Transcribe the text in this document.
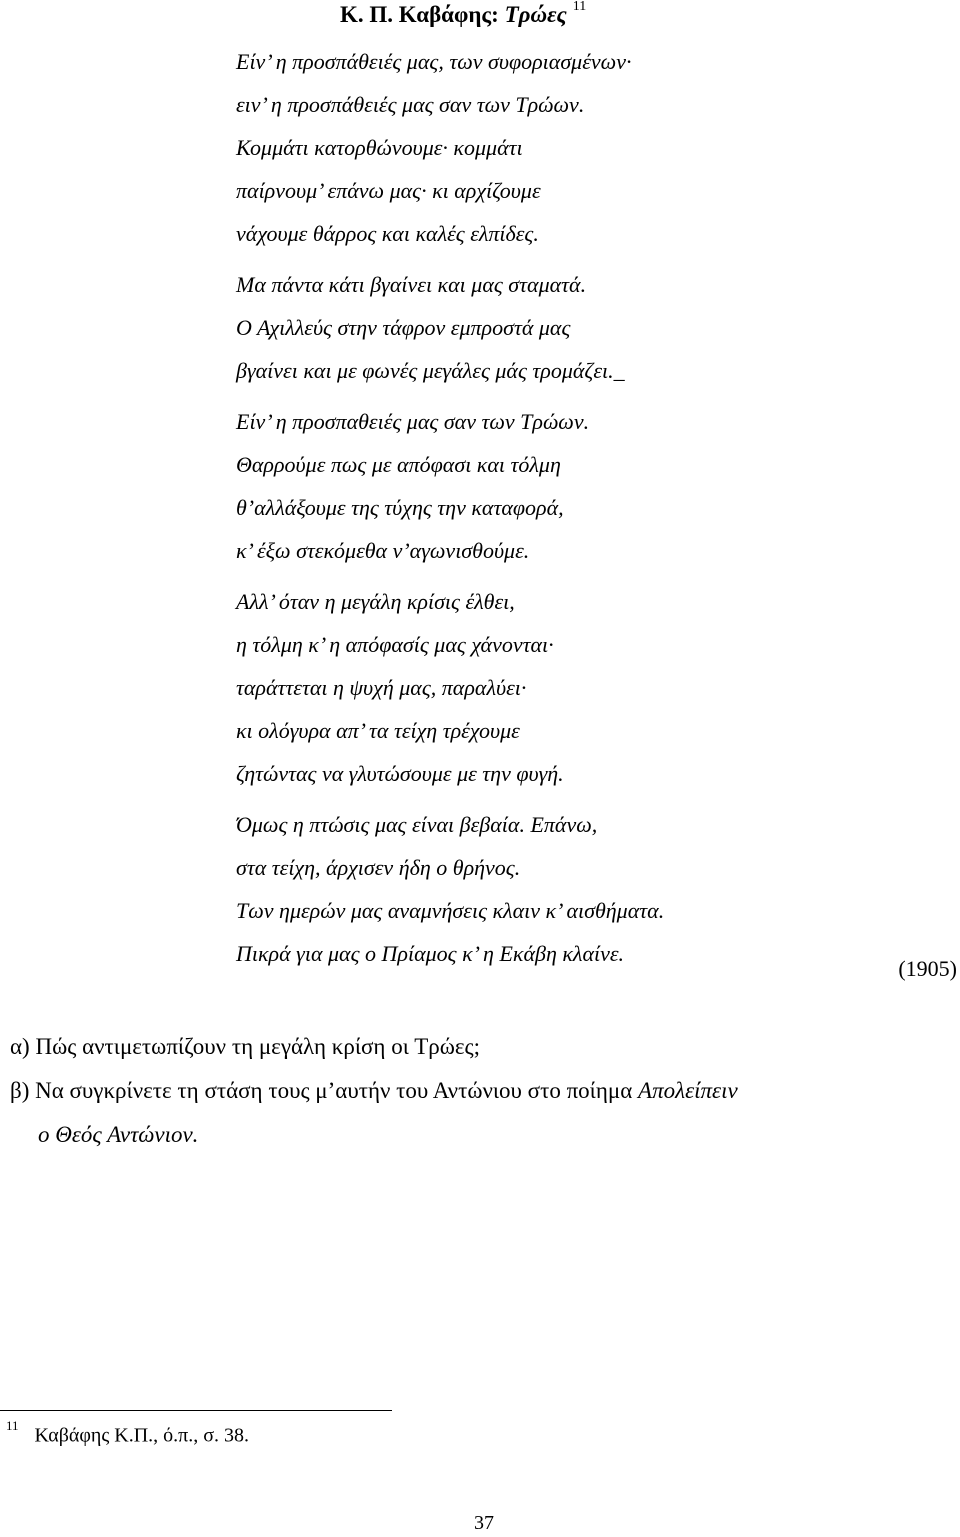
Κ. Π. Καβάφης: Τρώες $^{11}$
Είν’ η προσπάθειές μας, των συφοριασμένων·
ειν’ η προσπάθειές μας σαν των Τρώων.
Κομμάτι κατορθώνουμε· κομμάτι
παίρνουμ’ επάνω μας· κι αρχίζουμε
νάχουμε θάρρος και καλές ελπίδες.
Μα πάντα κάτι βγαίνει και μας σταματά.
Ο Αχιλλεύς στην τάφρον εμπροστά μας
βγαίνει και με φωνές μεγάλες μάς τρομάζει._
Είν’ η προσπαθειές μας σαν των Τρώων.
Θαρρούμε πως με απόφασι και τόλμη
θ’αλλάξουμε της τύχης την καταφορά,
κ’ έξω στεκόμεθα ν’αγωνισθούμε.
Αλλ’ όταν η μεγάλη κρίσις έλθει,
η τόλμη κ’ η απόφασίς μας χάνονται·
ταράττεται η ψυχή μας, παραλύει·
κι ολόγυρα απ’ τα τείχη τρέχουμε
ζητώντας να γλυτώσουμε με την φυγή.
Όμως η πτώσις μας είναι βεβαία. Επάνω,
στα τείχη, άρχισεν ήδη ο θρήνος.
Των ημερών μας αναμνήσεις κλαιν κ’ αισθήματα.
Πικρά για μας ο Πρίαμος κ’ η Εκάβη κλαίνε.
(1905)
α) Πώς αντιμετωπίζουν τη μεγάλη κρίση οι Τρώες;
β) Να συγκρίνετε τη στάση τους μ’αυτήν του Αντώνιου στο ποίημα Απολείπειν
ο Θεός Αντώνιον.
$^{11}$ Καβάφης Κ.Π., ό.π., σ. 38.
37
